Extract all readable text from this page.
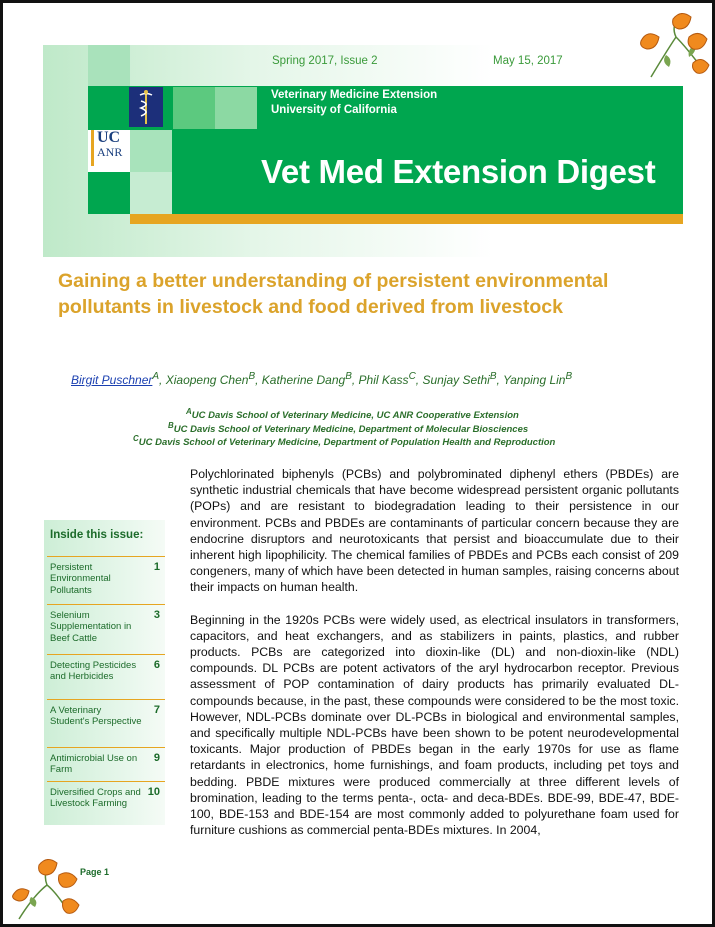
UC
ANR
Spring 2017, Issue 2	May 15, 2017
Veterinary Medicine Extension
University of California
Vet Med Extension Digest
Gaining a better understanding of persistent environmental pollutants in livestock and food derived from livestock
Birgit Puschner$^A$, Xiaopeng Chen$^B$, Katherine Dang$^B$, Phil Kass$^C$, Sunjay Sethi$^B$, Yanping Lin$^B$
$^A$UC Davis School of Veterinary Medicine, UC ANR Cooperative Extension
$^B$UC Davis School of Veterinary Medicine, Department of Molecular Biosciences
$^C$UC Davis School of Veterinary Medicine, Department of Population Health and Reproduction
Inside this issue:
Persistent Environmental Pollutants
1
Selenium Supplementation in Beef Cattle
3
Detecting Pesticides and Herbicides
6
A Veterinary Student's Perspective
7
Antimicrobial Use on Farm
9
Diversified Crops and Livestock Farming
10

Polychlorinated biphenyls (PCBs) and polybrominated diphenyl ethers (PBDEs) are synthetic industrial chemicals that have become widespread persistent organic pollutants (POPs) and are resistant to biodegradation leading to their persistence in our environment. PCBs and PBDEs are contaminants of particular concern because they are endocrine disruptors and neurotoxicants that persist and bioaccumulate due to their inherent high lipophilicity. The chemical families of PBDEs and PCBs each consist of 209 congeners, many of which have been detected in human samples, raising concerns about their impacts on human health.

Beginning in the 1920s PCBs were widely used, as electrical insulators in transformers, capacitors, and heat exchangers, and as stabilizers in paints, plastics, and rubber products. PCBs are categorized into dioxin-like (DL) and non-dioxin-like (NDL) compounds. DL PCBs are potent activators of the aryl hydrocarbon receptor. Previous assessment of POP contamination of dairy products has primarily evaluated DL-compounds because, in the past, these compounds were considered to be the most toxic. However, NDL-PCBs dominate over DL-PCBs in biological and environmental samples, and specifically multiple NDL-PCBs have been shown to be potent neurodevelopmental toxicants. Major production of PBDEs began in the early 1970s for use as flame retardants in electronics, home furnishings, and foam products, including pet toys and bedding. PBDE mixtures were produced commercially at three different levels of bromination, leading to the terms penta-, octa- and deca-BDEs. BDE-99, BDE-47, BDE-100, BDE-153 and BDE-154 are most commonly added to polyurethane foam used for furniture cushions as commercial penta-BDEs mixtures. In 2004,

Page 1
